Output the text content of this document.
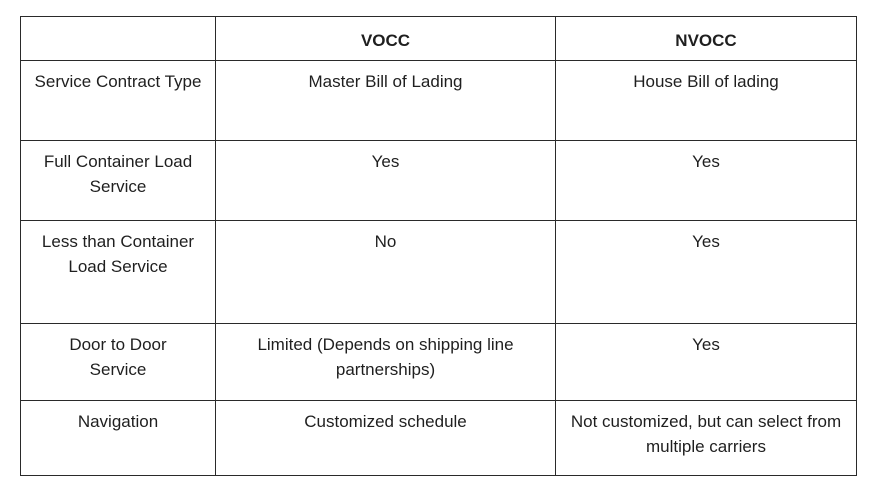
	VOCC	NVOCC
Service Contract Type	Master Bill of Lading	House Bill of lading
Full Container Load Service	Yes	Yes
Less than Container Load Service	No	Yes
Door to Door Service	Limited (Depends on shipping line partnerships)	Yes
Navigation	Customized schedule	Not customized, but can select from multiple carriers
